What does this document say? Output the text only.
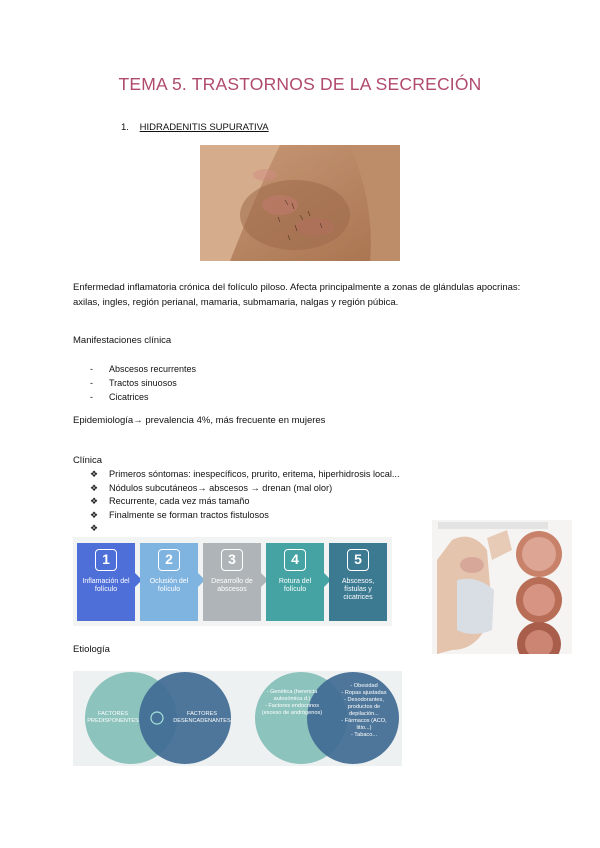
TEMA 5. TRASTORNOS DE LA SECRECIÓN
1. HIDRADENITIS SUPURATIVA
Enfermedad inflamatoria crónica del folículo piloso. Afecta principalmente a zonas de glándulas apocrinas: axilas, ingles, región perianal, mamaria, submamaria, nalgas y región púbica.
Manifestaciones clínica
-	Abscesos recurrentes
-	Tractos sinuosos
-	Cicatrices
Epidemiología→ prevalencia 4%, más frecuente en mujeres
Clínica
❖	Primeros sóntomas: inespecíficos, prurito, eritema, hiperhidrosis local...
❖	Nódulos subcutáneos→ abscesos → drenan (mal olor)
❖	Recurrente, cada vez más tamaño
❖	Finalmente se forman tractos fistulosos
❖
1
Inflamación del folículo
2
Oclusión del folículo
3
Desarrollo de abscesos
4
Rotura del folículo
5
Abscesos, fístulas y cicatrices
Etiología
FACTORES PREDISPONENTES
FACTORES DESENCADENANTES
- Genética (herencia autosómica d.)
- Factores endocrinos (exceso de andrógenos)
- Obesidad
- Ropas ajustadas
- Desodorantes, productos de depilación...
- Fármacos (ACO, litio...)
- Tabaco...
